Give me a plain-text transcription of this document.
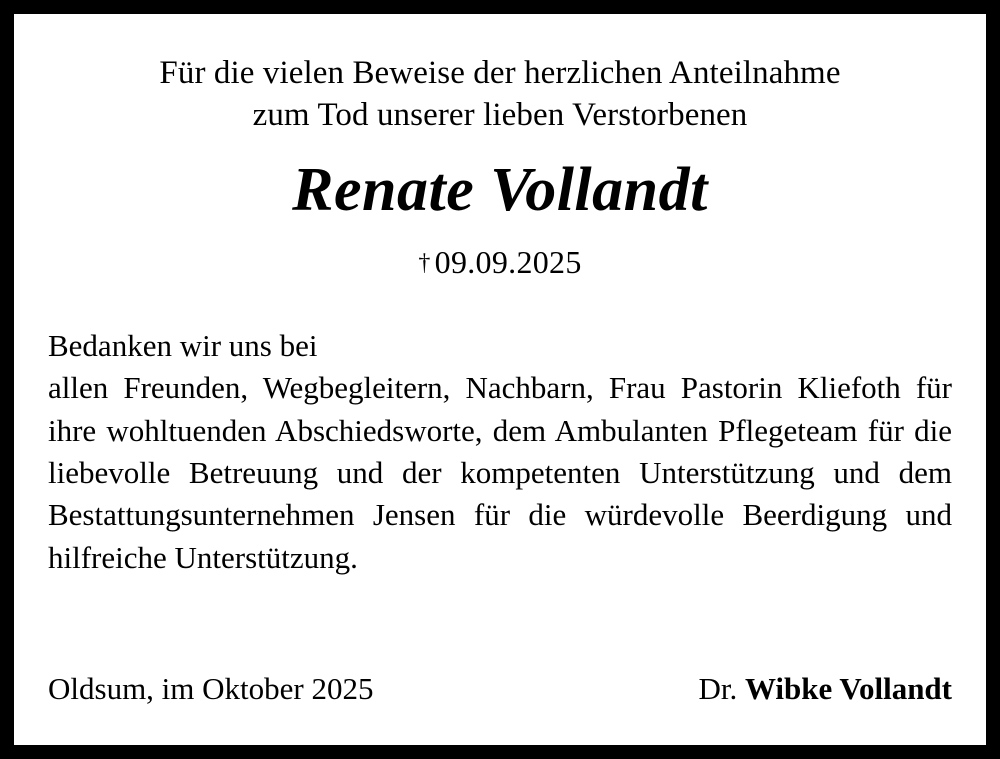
Für die vielen Beweise der herzlichen Anteilnahme
zum Tod unserer lieben Verstorbenen
Renate Vollandt
† 09.09.2025
Bedanken wir uns bei
allen Freunden, Wegbegleitern, Nachbarn, Frau Pastorin Kliefoth für ihre wohltuenden Abschiedsworte, dem Ambulanten Pflegeteam für die liebevolle Betreuung und der kompetenten Unterstützung und dem Bestattungsunternehmen Jensen für die würdevolle Beerdigung und hilfreiche Unterstützung.
Oldsum, im Oktober 2025	Dr. Wibke Vollandt
